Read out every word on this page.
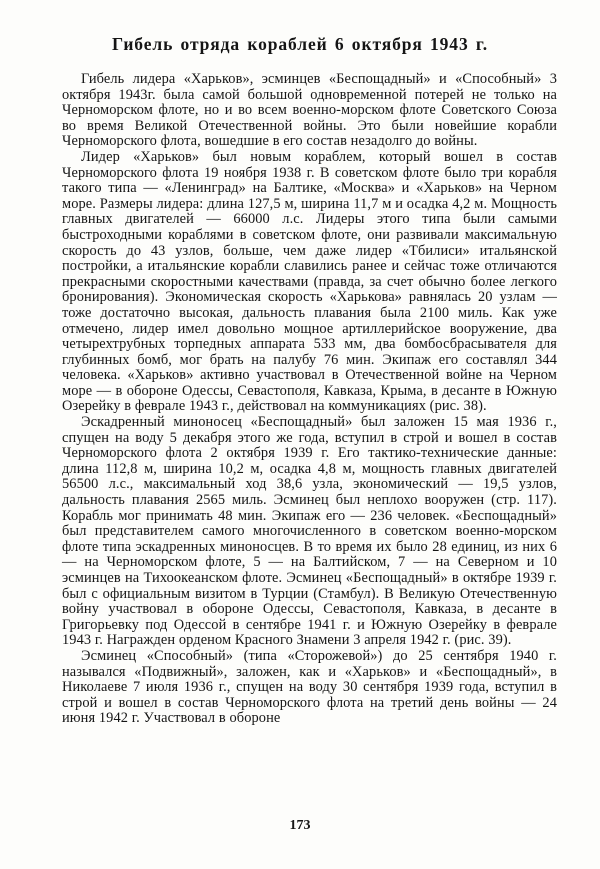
Гибель отряда кораблей 6 октября 1943 г.

Гибель лидера «Харьков», эсминцев «Беспощадный» и «Способный» 3 октября 1943г. была самой большой одновременной потерей не только на Черноморском флоте, но и во всем военно-морском флоте Советского Союза во время Великой Отечественной войны. Это были новейшие корабли Черноморского флота, вошедшие в его состав незадолго до войны.

Лидер «Харьков» был новым кораблем, который вошел в состав Черноморского флота 19 ноября 1938 г. В советском флоте было три корабля такого типа — «Ленинград» на Балтике, «Москва» и «Харьков» на Черном море. Размеры лидера: длина 127,5 м, ширина 11,7 м и осадка 4,2 м. Мощность главных двигателей — 66000 л.с. Лидеры этого типа были самыми быстроходными кораблями в советском флоте, они развивали максимальную скорость до 43 узлов, больше, чем даже лидер «Тбилиси» итальянской постройки, а итальянские корабли славились ранее и сейчас тоже отличаются прекрасными скоростными качествами (правда, за счет обычно более легкого бронирования). Экономическая скорость «Харькова» равнялась 20 узлам — тоже достаточно высокая, дальность плавания была 2100 миль. Как уже отмечено, лидер имел довольно мощное артиллерийское вооружение, два четырехтрубных торпедных аппарата 533 мм, два бомбосбрасывателя для глубинных бомб, мог брать на палубу 76 мин. Экипаж его составлял 344 человека. «Харьков» активно участвовал в Отечественной войне на Черном море — в обороне Одессы, Севастополя, Кавказа, Крыма, в десанте в Южную Озерейку в феврале 1943 г., действовал на коммуникациях (рис. 38).

Эскадренный миноносец «Беспощадный» был заложен 15 мая 1936 г., спущен на воду 5 декабря этого же года, вступил в строй и вошел в состав Черноморского флота 2 октября 1939 г. Его тактико-технические данные: длина 112,8 м, ширина 10,2 м, осадка 4,8 м, мощность главных двигателей 56500 л.с., максимальный ход 38,6 узла, экономический — 19,5 узлов, дальность плавания 2565 миль. Эсминец был неплохо вооружен (стр. 117). Корабль мог принимать 48 мин. Экипаж его — 236 человек. «Беспощадный» был представителем самого многочисленного в советском военно-морском флоте типа эскадренных миноносцев. В то время их было 28 единиц, из них 6 — на Черноморском флоте, 5 — на Балтийском, 7 — на Северном и 10 эсминцев на Тихоокеанском флоте. Эсминец «Беспощадный» в октябре 1939 г. был с официальным визитом в Турции (Стамбул). В Великую Отечественную войну участвовал в обороне Одессы, Севастополя, Кавказа, в десанте в Григорьевку под Одессой в сентябре 1941 г. и Южную Озерейку в феврале 1943 г. Награжден орденом Красного Знамени 3 апреля 1942 г. (рис. 39).

Эсминец «Способный» (типа «Сторожевой») до 25 сентября 1940 г. назывался «Подвижный», заложен, как и «Харьков» и «Беспощадный», в Николаеве 7 июля 1936 г., спущен на воду 30 сентября 1939 года, вступил в строй и вошел в состав Черноморского флота на третий день войны — 24 июня 1942 г. Участвовал в обороне

173
